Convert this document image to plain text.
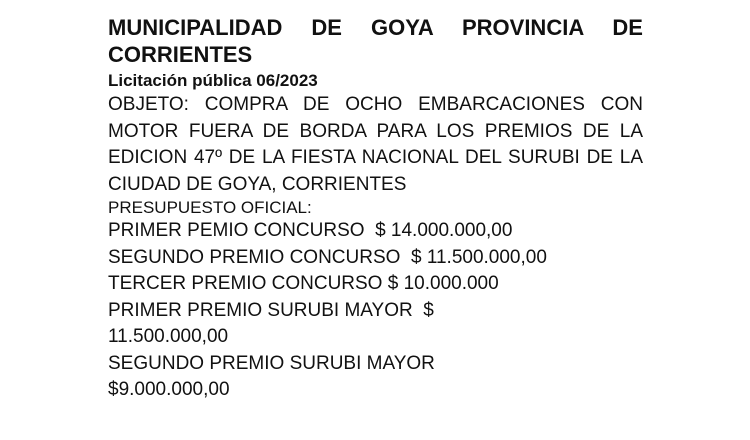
MUNICIPALIDAD DE GOYA PROVINCIA DE CORRIENTES

Licitación pública 06/2023

OBJETO: COMPRA DE OCHO EMBARCACIONES CON MOTOR FUERA DE BORDA PARA LOS PREMIOS DE LA EDICION 47º DE LA FIESTA NACIONAL DEL SURUBI DE LA CIUDAD DE GOYA, CORRIENTES

PRESUPUESTO OFICIAL:

PRIMER PEMIO CONCURSO  $ 14.000.000,00

SEGUNDO PREMIO CONCURSO  $ 11.500.000,00

TERCER PREMIO CONCURSO $ 10.000.000

PRIMER PREMIO SURUBI MAYOR  $

11.500.000,00

SEGUNDO PREMIO SURUBI MAYOR

$9.000.000,00
